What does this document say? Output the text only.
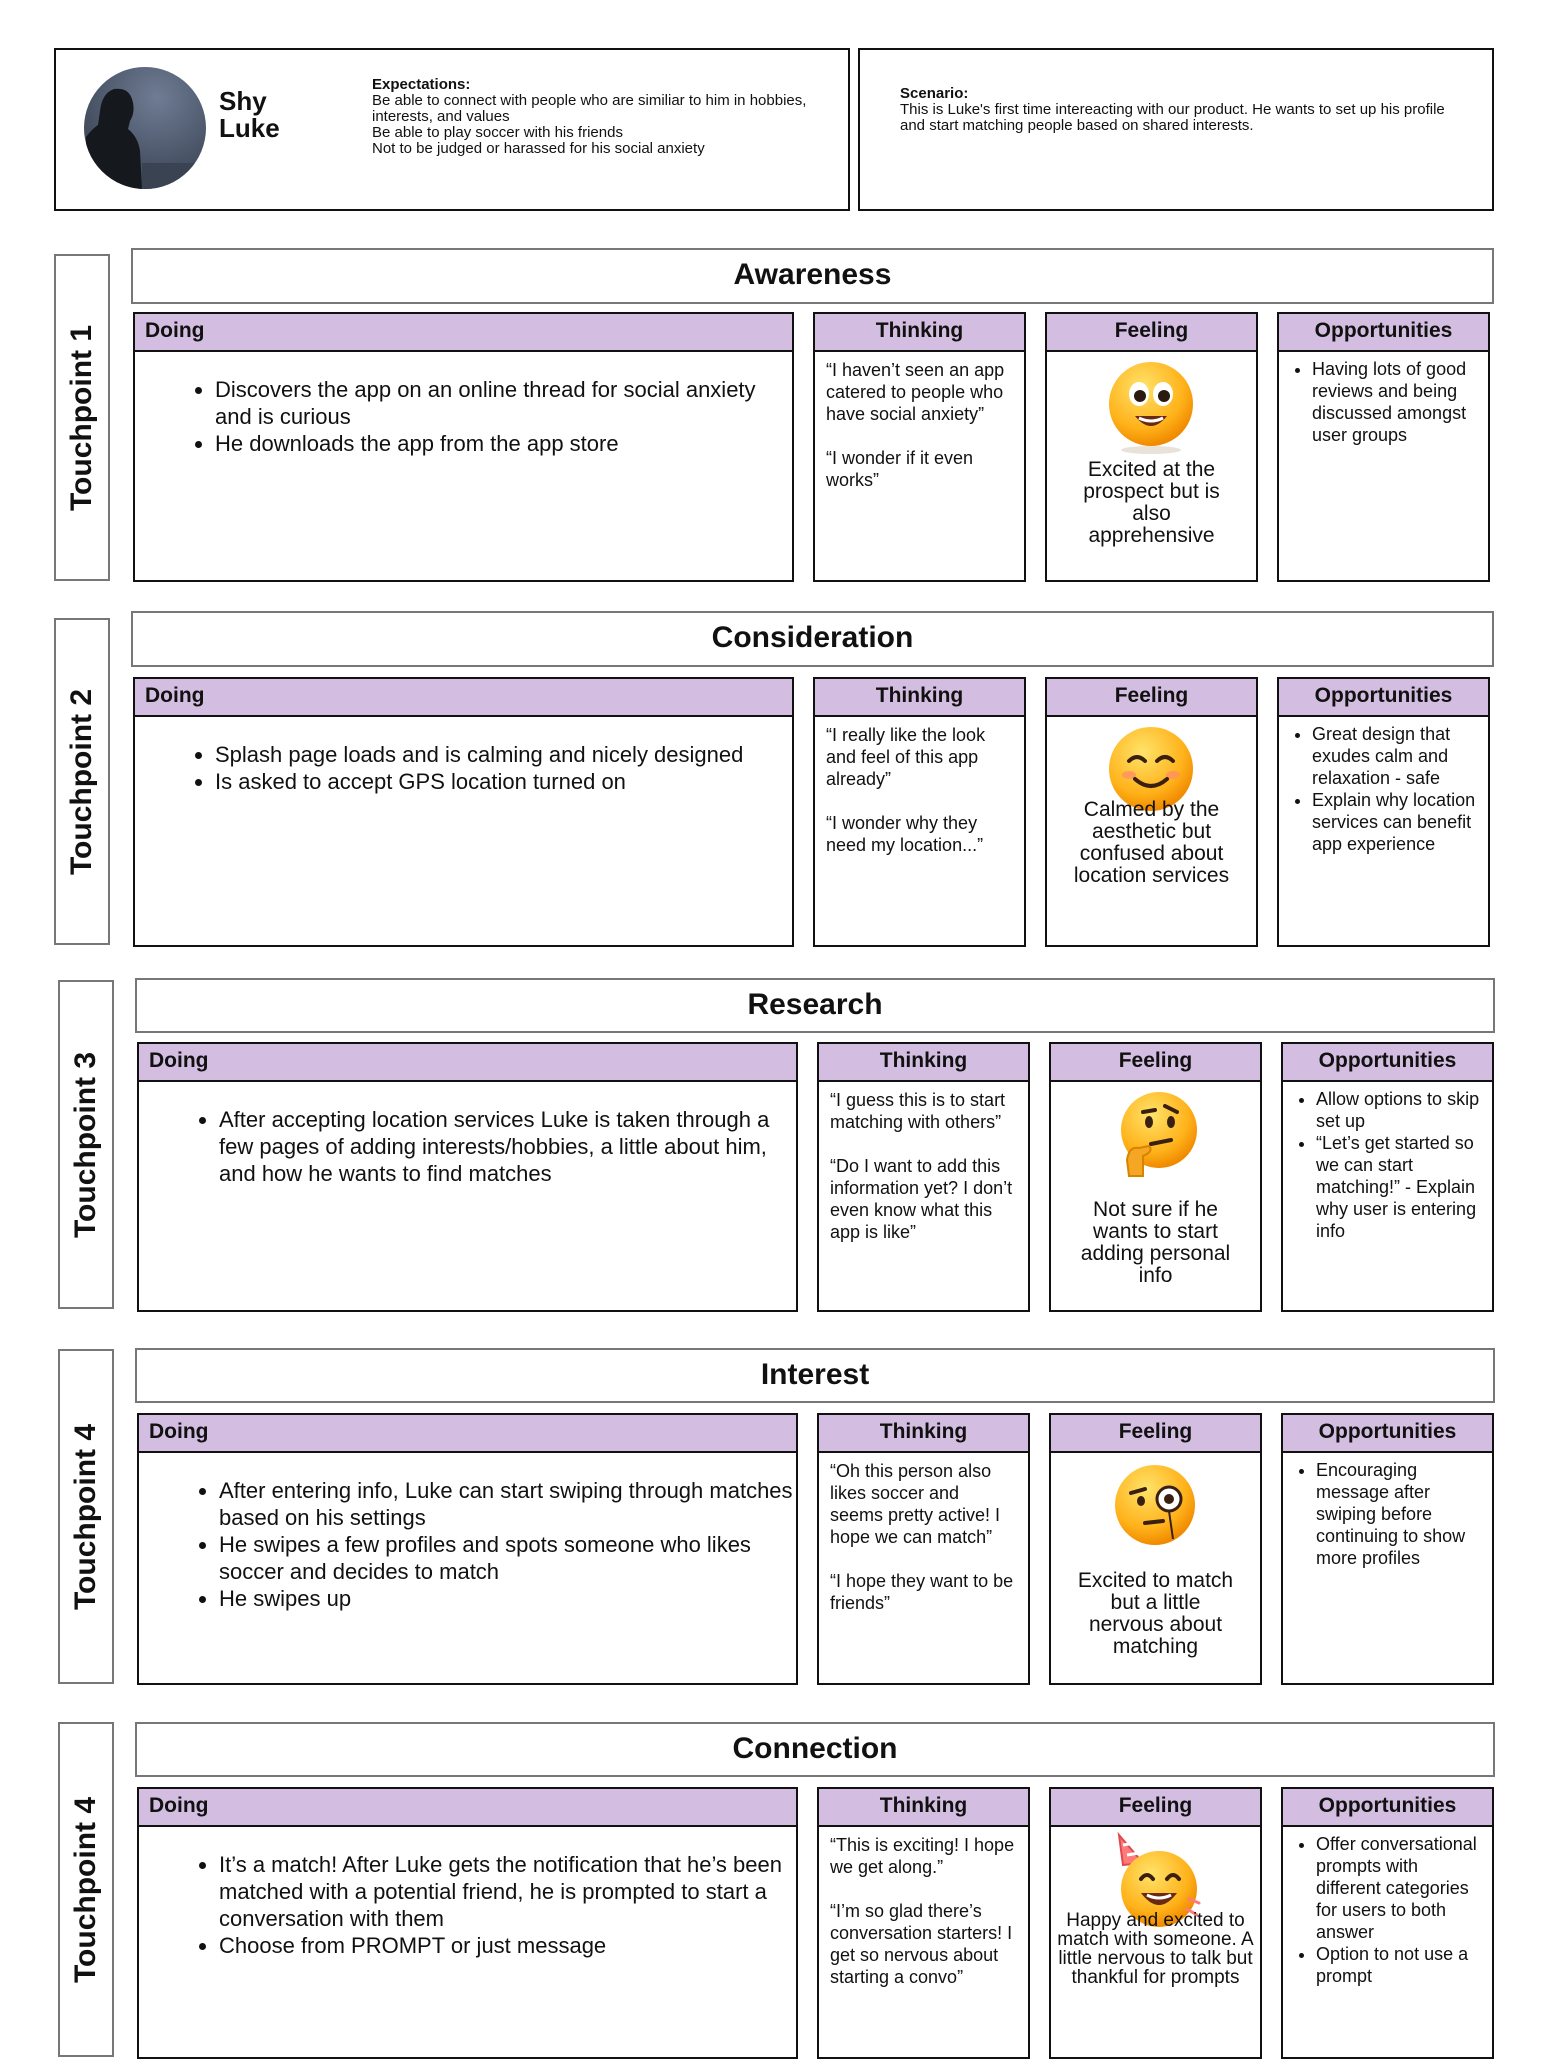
Shy
Luke
Expectations:
Be able to connect with people who are similiar to him in hobbies, interests, and values
Be able to play soccer with his friends
Not to be judged or harassed for his social anxiety
Scenario:
This is Luke's first time intereacting with our product. He wants to set up his profile and start matching people based on shared interests.
Touchpoint 1
Awareness
Doing
• Discovers the app on an online thread for social anxiety and is curious
• He downloads the app from the app store
Thinking

“I haven’t seen an app catered to people who have social anxiety”

“I wonder if it even works”

Feeling
Excited at the prospect but is also apprehensive
Opportunities
• Having lots of good reviews and being discussed amongst user groups
Touchpoint 2
Consideration
Doing
• Splash page loads and is calming and nicely designed
• Is asked to accept GPS location turned on
Thinking

“I really like the look and feel of this app already”

“I wonder why they need my location...”

Feeling
Calmed by the aesthetic but confused about location services
Opportunities
• Great design that exudes calm and relaxation - safe
• Explain why location services can benefit app experience
Touchpoint 3
Research
Doing
• After accepting location services Luke is taken through a few pages of adding interests/hobbies, a little about him, and how he wants to find matches
Thinking

“I guess this is to start matching with others”

“Do I want to add this information yet? I don’t even know what this app is like”

Feeling
Not sure if he wants to start adding personal info
Opportunities
• Allow options to skip set up
• “Let’s get started so we can start matching!” - Explain why user is entering info
Touchpoint 4
Interest
Doing
• After entering info, Luke can start swiping through matches based on his settings
• He swipes a few profiles and spots someone who likes soccer and decides to match
• He swipes up
Thinking

“Oh this person also likes soccer and seems pretty active! I hope we can match”

“I hope they want to be friends”

Feeling
Excited to match but a little nervous about matching
Opportunities
• Encouraging message after swiping before continuing to show more profiles
Touchpoint 4
Connection
Doing
• It’s a match! After Luke gets the notification that he’s been matched with a potential friend, he is prompted to start a conversation with them
• Choose from PROMPT or just message
Thinking

“This is exciting! I hope we get along.”

“I’m so glad there’s conversation starters! I get so nervous about starting a convo”

Feeling
Happy and excited to match with someone. A little nervous to talk but thankful for prompts
Opportunities
• Offer conversational prompts with different categories for users to both answer
• Option to not use a prompt
